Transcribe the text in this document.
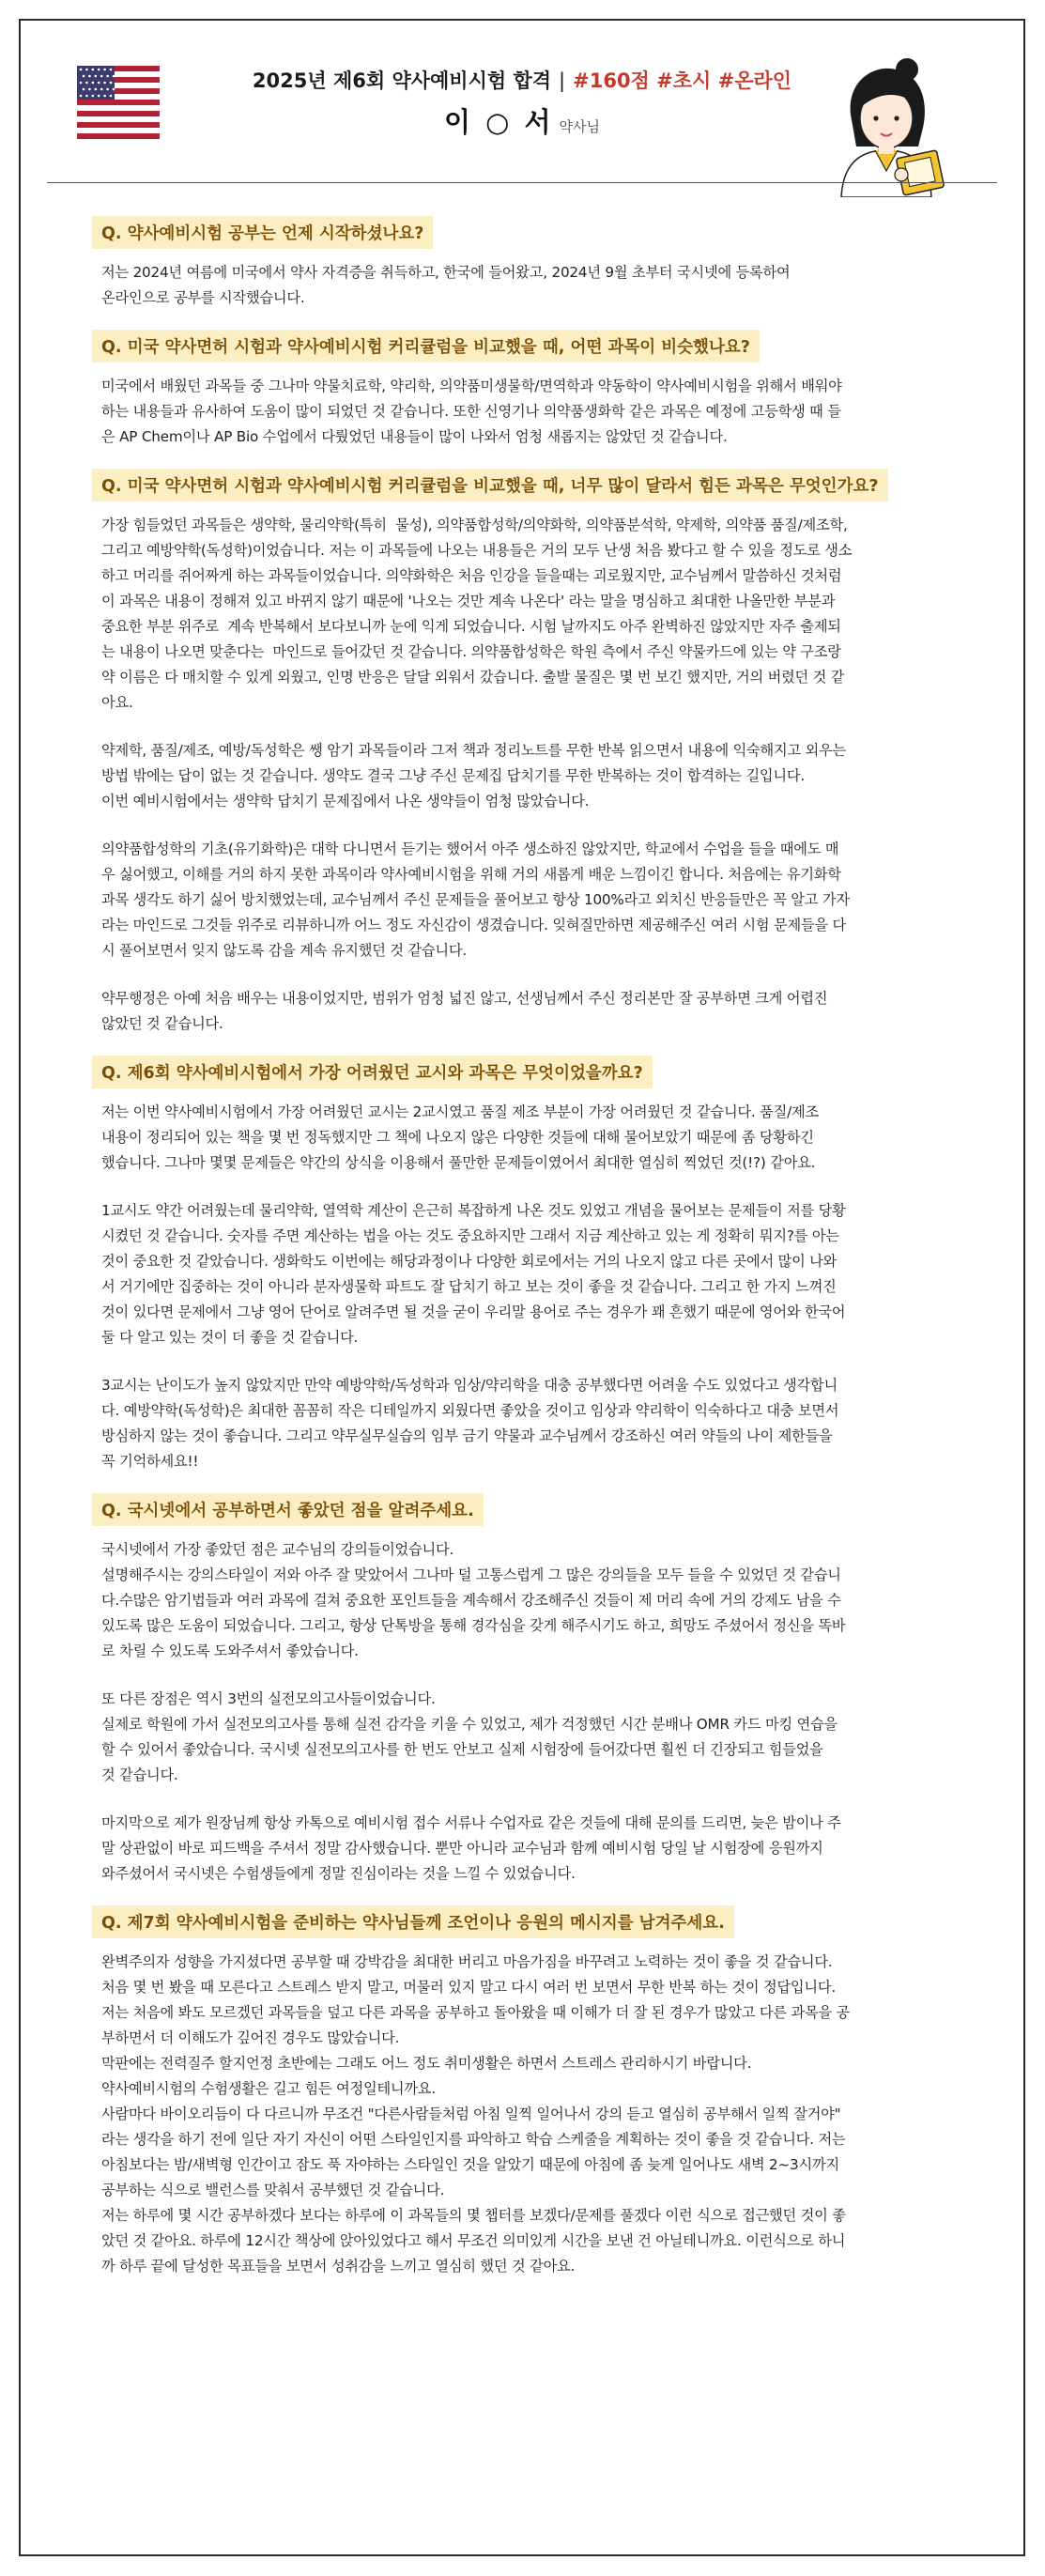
2025년 제6회 약사예비시험 합격 | #160점 #초시 #온라인
이 ○ 서 약사님
Q. 약사예비시험 공부는 언제 시작하셨나요?

저는 2024년 여름에 미국에서 약사 자격증을 취득하고, 한국에 들어왔고, 2024년 9월 초부터 국시넷에 등록하여
온라인으로 공부를 시작했습니다.

Q. 미국 약사면허 시험과 약사예비시험 커리큘럼을 비교했을 때, 어떤 과목이 비슷했나요?

미국에서 배웠던 과목들 중 그나마 약물치료학, 약리학, 의약품미생물학/면역학과 약동학이 약사예비시험을 위해서 배워야
하는 내용들과 유사하여 도움이 많이 되었던 것 같습니다. 또한 신영기나 의약품생화학 같은 과목은 예정에 고등학생 때 들
은 AP Chem이나 AP Bio 수업에서 다뤘었던 내용들이 많이 나와서 엄청 새롭지는 않았던 것 같습니다.

Q. 미국 약사면허 시험과 약사예비시험 커리큘럼을 비교했을 때, 너무 많이 달라서 힘든 과목은 무엇인가요?

가장 힘들었던 과목들은 생약학, 물리약학(특히  물성), 의약품합성학/의약화학, 의약품분석학, 약제학, 의약품 품질/제조학,
그리고 예방약학(독성학)이었습니다. 저는 이 과목들에 나오는 내용들은 거의 모두 난생 처음 봤다고 할 수 있을 정도로 생소
하고 머리를 쥐어짜게 하는 과목들이었습니다. 의약화학은 처음 인강을 들을때는 괴로웠지만, 교수님께서 말씀하신 것처럼
이 과목은 내용이 정해져 있고 바뀌지 않기 때문에 '나오는 것만 계속 나온다' 라는 말을 명심하고 최대한 나올만한 부분과
중요한 부분 위주로  계속 반복해서 보다보니까 눈에 익게 되었습니다. 시험 날까지도 아주 완벽하진 않았지만 자주 출제되
는 내용이 나오면 맞춘다는  마인드로 들어갔던 것 같습니다. 의약품합성학은 학원 측에서 주신 약물카드에 있는 약 구조랑
약 이름은 다 매치할 수 있게 외웠고, 인명 반응은 달달 외워서 갔습니다. 출발 물질은 몇 번 보긴 했지만, 거의 버렸던 것 같
아요.

약제학, 품질/제조, 예방/독성학은 쌩 암기 과목들이라 그저 책과 정리노트를 무한 반복 읽으면서 내용에 익숙해지고 외우는
방법 밖에는 답이 없는 것 같습니다. 생약도 결국 그냥 주신 문제집 답치기를 무한 반복하는 것이 합격하는 길입니다.
이번 예비시험에서는 생약학 답치기 문제집에서 나온 생약들이 엄청 많았습니다.

의약품합성학의 기초(유기화학)은 대학 다니면서 듣기는 했어서 아주 생소하진 않았지만, 학교에서 수업을 들을 때에도 매
우 싫어했고, 이해를 거의 하지 못한 과목이라 약사예비시험을 위해 거의 새롭게 배운 느낌이긴 합니다. 처음에는 유기화학
과목 생각도 하기 싫어 방치했었는데, 교수님께서 주신 문제들을 풀어보고 항상 100%라고 외치신 반응들만은 꼭 알고 가자
라는 마인드로 그것들 위주로 리뷰하니까 어느 정도 자신감이 생겼습니다. 잊혀질만하면 제공해주신 여러 시험 문제들을 다
시 풀어보면서 잊지 않도록 감을 계속 유지했던 것 같습니다.

약무행정은 아예 처음 배우는 내용이었지만, 범위가 엄청 넓진 않고, 선생님께서 주신 정리본만 잘 공부하면 크게 어렵진
않았던 것 같습니다.

Q. 제6회 약사예비시험에서 가장 어려웠던 교시와 과목은 무엇이었을까요?

저는 이번 약사예비시험에서 가장 어려웠던 교시는 2교시였고 품질 제조 부분이 가장 어려웠던 것 같습니다. 품질/제조
내용이 정리되어 있는 책을 몇 번 정독했지만 그 책에 나오지 않은 다양한 것들에 대해 물어보았기 때문에 좀 당황하긴
했습니다. 그나마 몇몇 문제들은 약간의 상식을 이용해서 풀만한 문제들이였어서 최대한 열심히 찍었던 것(!?) 같아요.

1교시도 약간 어려웠는데 물리약학, 열역학 계산이 은근히 복잡하게 나온 것도 있었고 개념을 물어보는 문제들이 저를 당황
시켰던 것 같습니다. 숫자를 주면 계산하는 법을 아는 것도 중요하지만 그래서 지금 계산하고 있는 게 정확히 뭐지?를 아는
것이 중요한 것 같았습니다. 생화학도 이번에는 해당과정이나 다양한 회로에서는 거의 나오지 않고 다른 곳에서 많이 나와
서 거기에만 집중하는 것이 아니라 분자생물학 파트도 잘 답치기 하고 보는 것이 좋을 것 같습니다. 그리고 한 가지 느껴진
것이 있다면 문제에서 그냥 영어 단어로 알려주면 될 것을 굳이 우리말 용어로 주는 경우가 꽤 흔했기 때문에 영어와 한국어
둘 다 알고 있는 것이 더 좋을 것 같습니다.

3교시는 난이도가 높지 않았지만 만약 예방약학/독성학과 임상/약리학을 대충 공부했다면 어려울 수도 있었다고 생각합니
다. 예방약학(독성학)은 최대한 꼼꼼히 작은 디테일까지 외웠다면 좋았을 것이고 임상과 약리학이 익숙하다고 대충 보면서
방심하지 않는 것이 좋습니다. 그리고 약무실무실습의 임부 금기 약물과 교수님께서 강조하신 여러 약들의 나이 제한들을
꼭 기억하세요!!

Q. 국시넷에서 공부하면서 좋았던 점을 알려주세요.

국시넷에서 가장 좋았던 점은 교수님의 강의들이었습니다.
설명해주시는 강의스타일이 저와 아주 잘 맞았어서 그나마 덜 고통스럽게 그 많은 강의들을 모두 들을 수 있었던 것 같습니
다.수많은 암기법들과 여러 과목에 걸쳐 중요한 포인트들을 계속해서 강조해주신 것들이 제 머리 속에 거의 강제도 남을 수
있도록 많은 도움이 되었습니다. 그리고, 항상 단톡방을 통해 경각심을 갖게 해주시기도 하고, 희망도 주셨어서 정신을 똑바
로 차릴 수 있도록 도와주셔서 좋았습니다.

또 다른 장점은 역시 3번의 실전모의고사들이었습니다.
실제로 학원에 가서 실전모의고사를 통해 실전 감각을 키울 수 있었고, 제가 걱정했던 시간 분배나 OMR 카드 마킹 연습을
할 수 있어서 좋았습니다. 국시넷 실전모의고사를 한 번도 안보고 실제 시험장에 들어갔다면 훨씬 더 긴장되고 힘들었을
것 같습니다.

마지막으로 제가 원장님께 항상 카톡으로 예비시험 접수 서류나 수업자료 같은 것들에 대해 문의를 드리면, 늦은 밤이나 주
말 상관없이 바로 피드백을 주셔서 정말 감사했습니다. 뿐만 아니라 교수님과 함께 예비시험 당일 날 시험장에 응원까지
와주셨어서 국시넷은 수험생들에게 정말 진심이라는 것을 느낄 수 있었습니다.

Q. 제7회 약사예비시험을 준비하는 약사님들께 조언이나 응원의 메시지를 남겨주세요.

완벽주의자 성향을 가지셨다면 공부할 때 강박감을 최대한 버리고 마음가짐을 바꾸려고 노력하는 것이 좋을 것 같습니다.
처음 몇 번 봤을 때 모른다고 스트레스 받지 말고, 머물러 있지 말고 다시 여러 번 보면서 무한 반복 하는 것이 정답입니다.
저는 처음에 봐도 모르겠던 과목들을 덮고 다른 과목을 공부하고 돌아왔을 때 이해가 더 잘 된 경우가 많았고 다른 과목을 공
부하면서 더 이해도가 깊어진 경우도 많았습니다.
막판에는 전력질주 할지언정 초반에는 그래도 어느 정도 취미생활은 하면서 스트레스 관리하시기 바랍니다.
약사예비시험의 수험생활은 길고 힘든 여정일테니까요.
사람마다 바이오리듬이 다 다르니까 무조건 "다른사람들처럼 아침 일찍 일어나서 강의 듣고 열심히 공부해서 일찍 잘거야"
라는 생각을 하기 전에 일단 자기 자신이 어떤 스타일인지를 파악하고 학습 스케줄을 계획하는 것이 좋을 것 같습니다. 저는
아침보다는 밤/새벽형 인간이고 잠도 푹 자야하는 스타일인 것을 알았기 때문에 아침에 좀 늦게 일어나도 새벽 2~3시까지
공부하는 식으로 밸런스를 맞춰서 공부했던 것 같습니다.
저는 하루에 몇 시간 공부하겠다 보다는 하루에 이 과목들의 몇 챕터를 보겠다/문제를 풀겠다 이런 식으로 접근했던 것이 좋
았던 것 같아요. 하루에 12시간 책상에 앉아있었다고 해서 무조건 의미있게 시간을 보낸 건 아닐테니까요. 이런식으로 하니
까 하루 끝에 달성한 목표들을 보면서 성취감을 느끼고 열심히 했던 것 같아요.
